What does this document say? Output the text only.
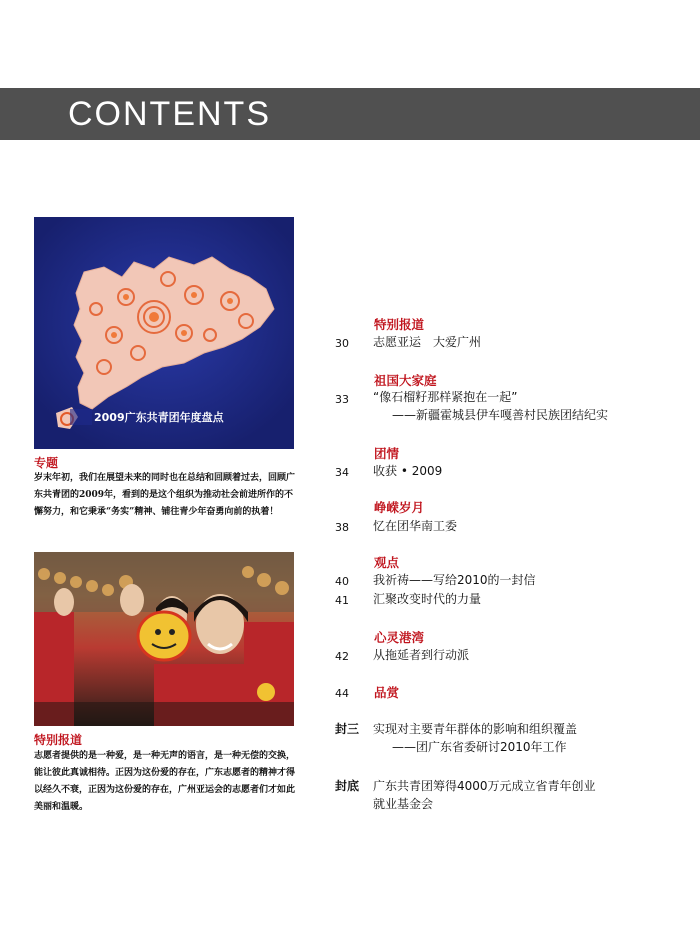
CONTENTS
2009广东共青团年度盘点
专题
岁末年初，我们在展望未来的同时也在总结和回顾着过去，回顾广东共青团的2009年，看到的是这个组织为推动社会前进所作的不懈努力，和它秉承“务实”精神、铺往青少年奋勇向前的执着！
特别报道
志愿者提供的是一种爱，是一种无声的语言，是一种无偿的交换，能让彼此真诚相待。正因为这份爱的存在，广东志愿者的精神才得以经久不衰，正因为这份爱的存在，广州亚运会的志愿者们才如此美丽和温暖。
特别报道
30 志愿亚运　大爱广州
祖国大家庭
33 “像石榴籽那样紧抱在一起”
——新疆霍城县伊车嘎善村民族团结纪实
团情
34 收获 • 2009
峥嵘岁月
38 忆在团华南工委
观点
40 我祈祷——写给2010的一封信
41 汇聚改变时代的力量
心灵港湾
42 从拖延者到行动派
44 品赏
封三 实现对主要青年群体的影响和组织覆盖
——团广东省委研讨2010年工作
封底 广东共青团筹得4000万元成立省青年创业
就业基金会
